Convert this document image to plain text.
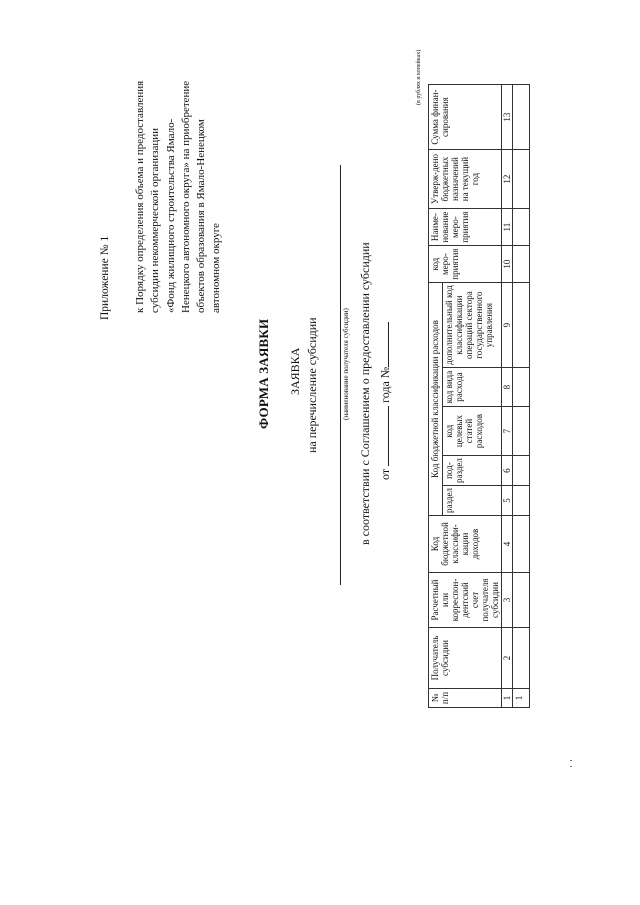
Приложение № 1 к Порядку определения объема и предоставления субсидии некоммерческой организации «Фонд жилищного строительства Ямало- Ненецкого автономного округа» на приобретение объектов образования в Ямало-Ненецком автономном округе
ФОРМА ЗАЯВКИ ЗАЯВКА на перечисление субсидии	(наименование получателя субсидии) в соответствии с Соглашением о предоставлении субсидии от  года №
(в рублях и копейках)
№ п/п	Получатель субсидии	Расчетный или корреспон-дентский счет получателя субсидии	Код бюджетной классифи-кации доходов	Код бюджетной классификации расходов					код меро-приятия	Наиме-нование меро-приятия	Утверж-дено бюджетных назначений на текущий год	Сумма финан-сирования
				раздел	под-раздел	код целевых статей расходов	код вида расхода	дополнительный код классификации операций сектора государственного управления				
1	2	3	4	5	6	7	8	9	10	11	12	13
1												
